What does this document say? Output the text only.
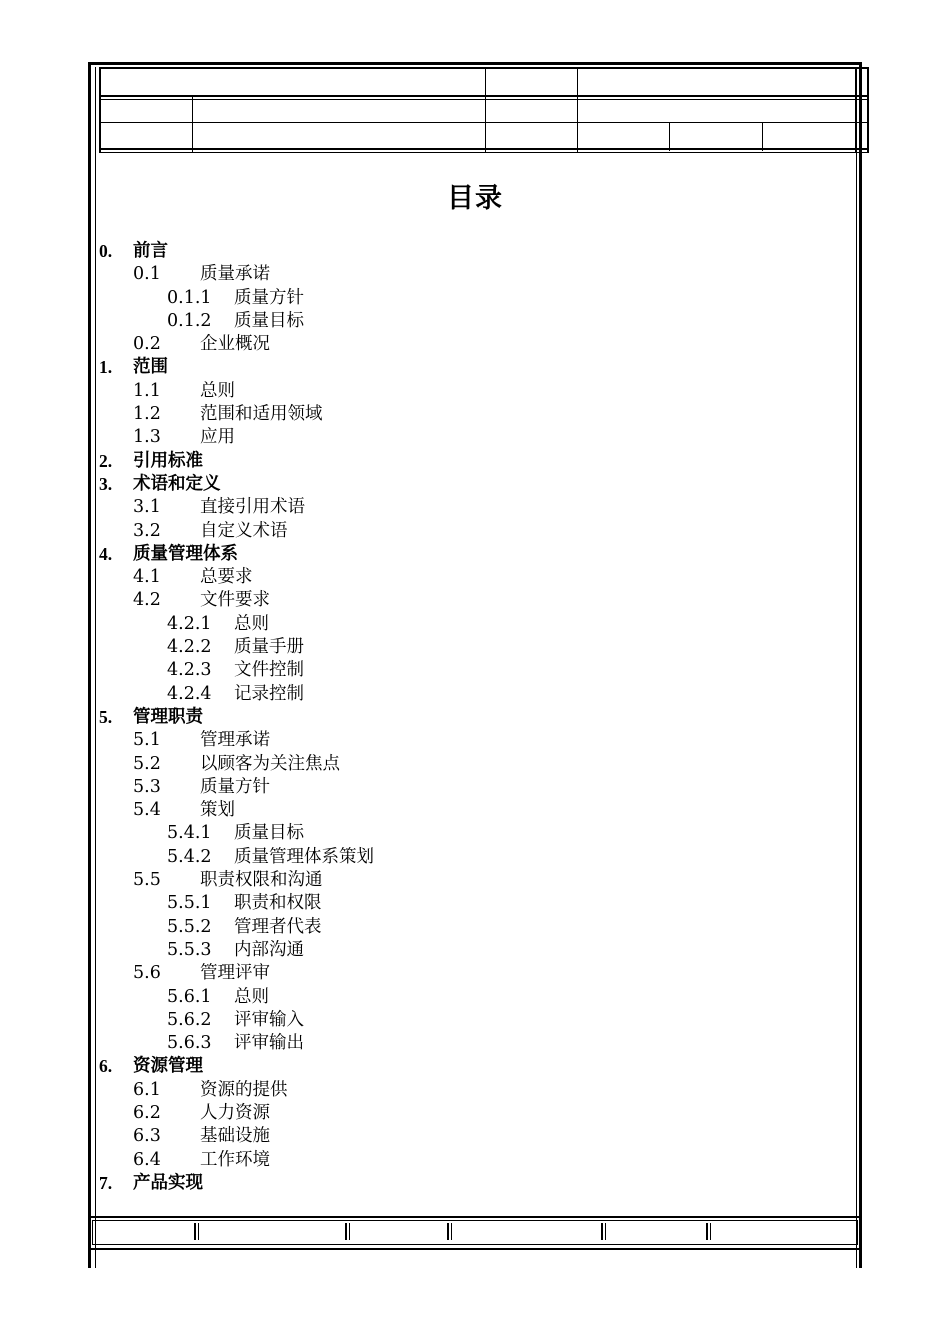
目录
0. 前言
0.1 质量承诺
0.1.1 质量方针
0.1.2 质量目标
0.2 企业概况
1. 范围
1.1 总则
1.2 范围和适用领域
1.3 应用
2. 引用标准
3. 术语和定义
3.1 直接引用术语
3.2 自定义术语
4. 质量管理体系
4.1 总要求
4.2 文件要求
4.2.1 总则
4.2.2 质量手册
4.2.3 文件控制
4.2.4 记录控制
5. 管理职责
5.1 管理承诺
5.2 以顾客为关注焦点
5.3 质量方针
5.4 策划
5.4.1 质量目标
5.4.2 质量管理体系策划
5.5 职责权限和沟通
5.5.1 职责和权限
5.5.2 管理者代表
5.5.3 内部沟通
5.6 管理评审
5.6.1 总则
5.6.2 评审输入
5.6.3 评审输出
6. 资源管理
6.1 资源的提供
6.2 人力资源
6.3 基础设施
6.4 工作环境
7. 产品实现
